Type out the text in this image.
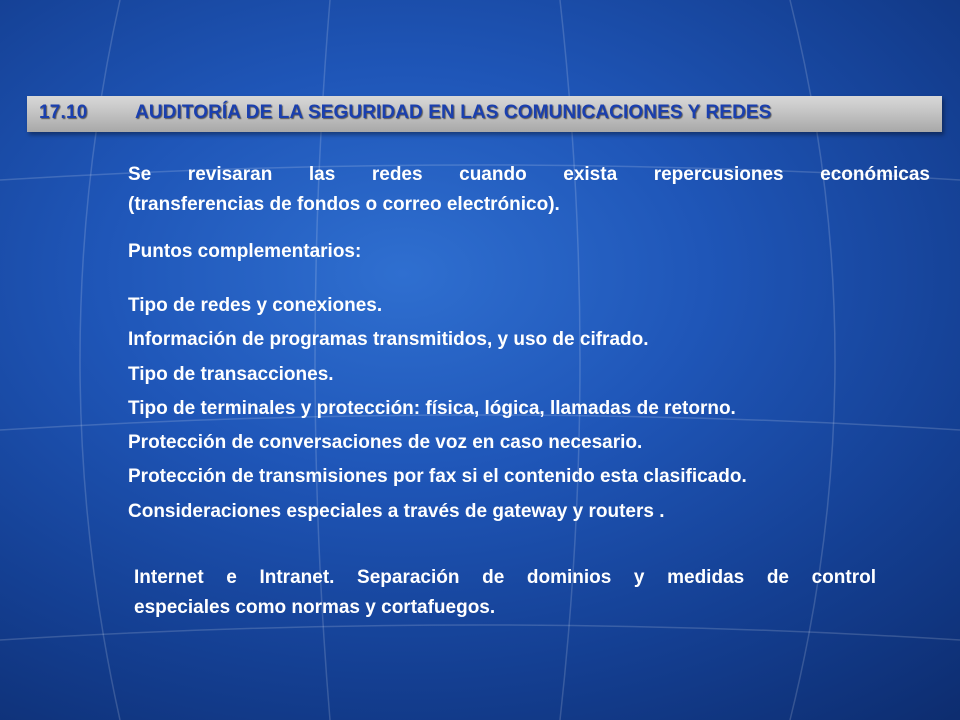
17.10 AUDITORÍA DE LA SEGURIDAD EN LAS COMUNICACIONES Y REDES
Se revisaran las redes cuando exista repercusiones económicas
(transferencias de fondos o correo electrónico).
Puntos complementarios:
Tipo de redes y conexiones.
Información de programas transmitidos, y uso de cifrado.
Tipo de transacciones.
Tipo de terminales y protección: física, lógica, llamadas de retorno.
Protección de conversaciones de voz en caso necesario.
Protección de transmisiones por fax si el contenido esta clasificado.
Consideraciones especiales a través de gateway y routers .
Internet e Intranet. Separación de dominios y medidas de control
especiales como normas y cortafuegos.
